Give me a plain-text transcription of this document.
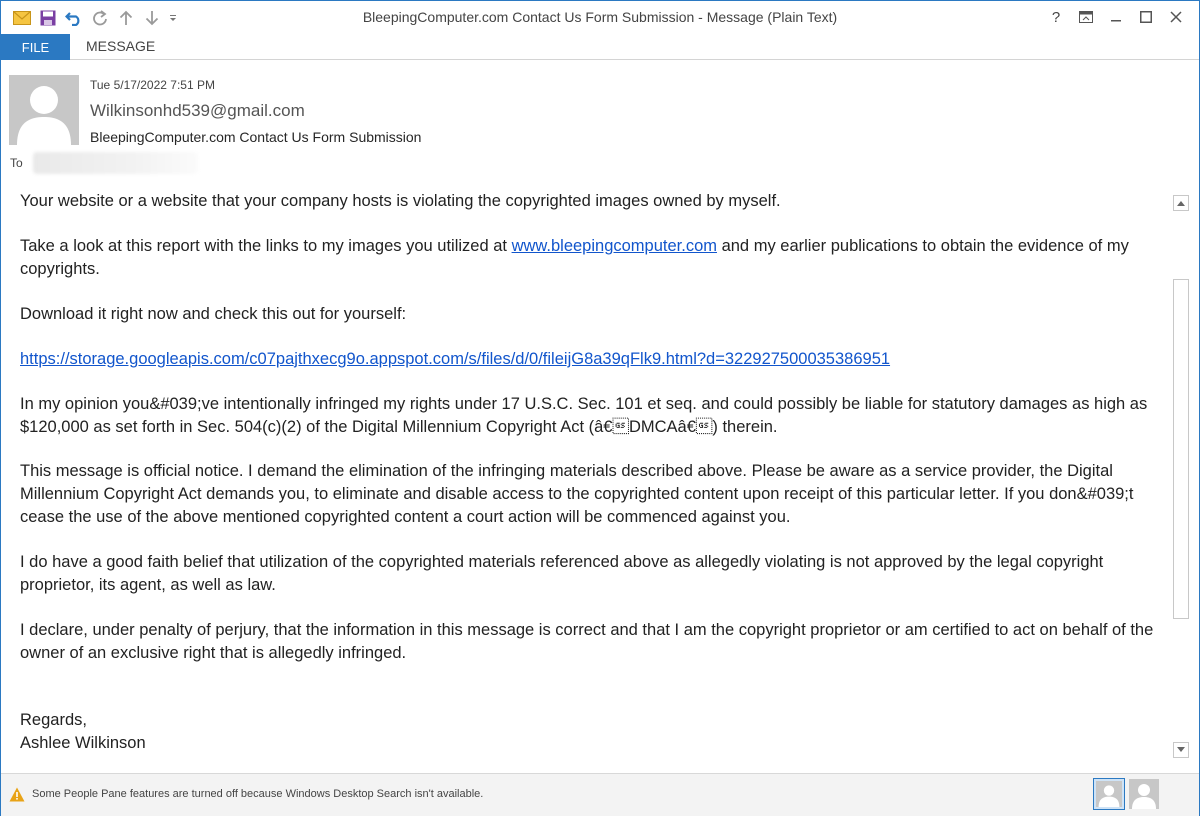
BleepingComputer.com Contact Us Form Submission - Message (Plain Text)	?
FILE	MESSAGE
Tue 5/17/2022 7:51 PM
Wilkinsonhd539@gmail.com
BleepingComputer.com Contact Us Form Submission
To

Your website or a website that your company hosts is violating the copyrighted images owned by myself.

Take a look at this report with the links to my images you utilized at www.bleepingcomputer.com and my earlier publications to obtain the evidence of my copyrights.

Download it right now and check this out for yourself:

https://storage.googleapis.com/c07pajthxecg9o.appspot.com/s/files/d/0/fileijG8a39qFlk9.html?d=322927500035386951

In my opinion you&#039;ve intentionally infringed my rights under 17 U.S.C. Sec. 101 et seq. and could possibly be liable for statutory damages as high as $120,000 as set forth in Sec. 504(c)(2) of the Digital Millennium Copyright Act (â€DMCAâ€) therein.

This message is official notice. I demand the elimination of the infringing materials described above. Please be aware as a service provider, the Digital Millennium Copyright Act demands you, to eliminate and disable access to the copyrighted content upon receipt of this particular letter. If you don&#039;t cease the use of the above mentioned copyrighted content a court action will be commenced against you.

I do have a good faith belief that utilization of the copyrighted materials referenced above as allegedly violating is not approved by the legal copyright proprietor, its agent, as well as law.

I declare, under penalty of perjury, that the information in this message is correct and that I am the copyright proprietor or am certified to act on behalf of the owner of an exclusive right that is allegedly infringed.

Regards,

Ashlee Wilkinson

Some People Pane features are turned off because Windows Desktop Search isn't available.
